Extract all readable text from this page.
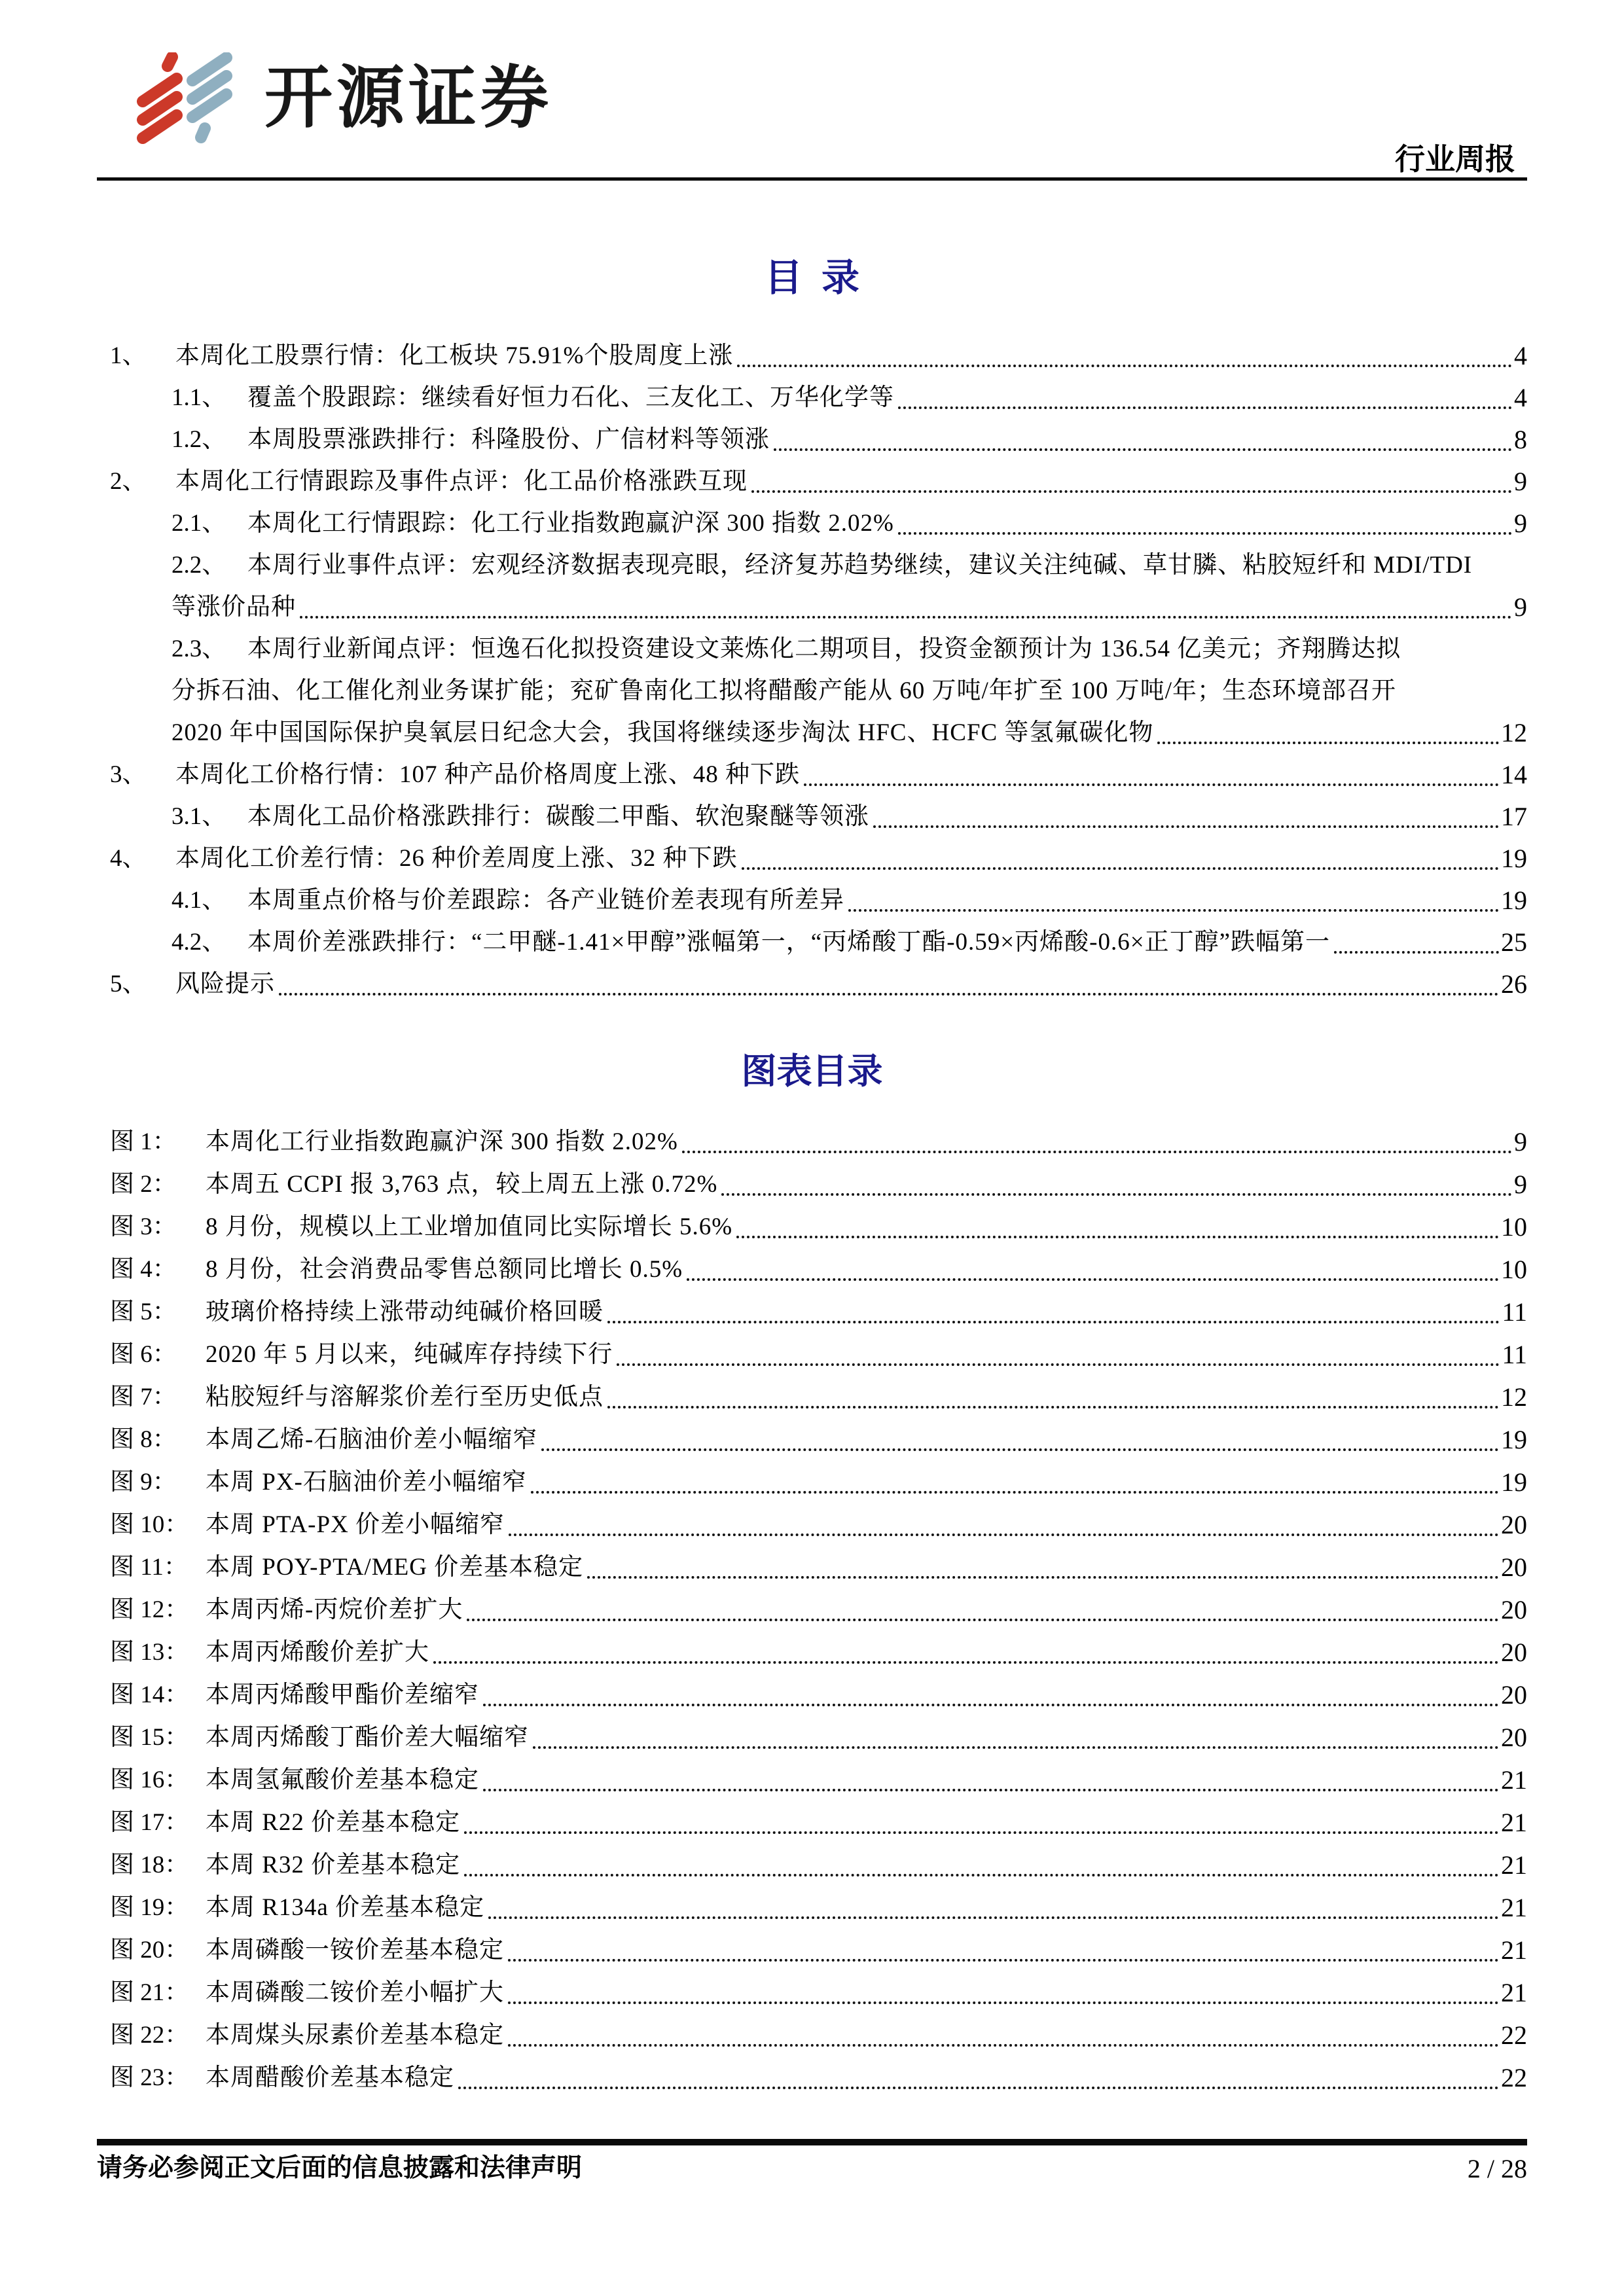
开源证券
行业周报
目  录
1、	本周化工股票行情：化工板块 75.91%个股周度上涨	4
1.1、 覆盖个股跟踪：继续看好恒力石化、三友化工、万华化学等	4
1.2、 本周股票涨跌排行：科隆股份、广信材料等领涨	8
2、	本周化工行情跟踪及事件点评：化工品价格涨跌互现	9
2.1、 本周化工行情跟踪：化工行业指数跑赢沪深 300 指数 2.02%	9
2.2、 本周行业事件点评：宏观经济数据表现亮眼，经济复苏趋势继续，建议关注纯碱、草甘膦、粘胶短纤和 MDI/TDI
等涨价品种	9
2.3、 本周行业新闻点评：恒逸石化拟投资建设文莱炼化二期项目，投资金额预计为 136.54 亿美元；齐翔腾达拟
分拆石油、化工催化剂业务谋扩能；兖矿鲁南化工拟将醋酸产能从 60 万吨/年扩至 100 万吨/年；生态环境部召开
2020 年中国国际保护臭氧层日纪念大会，我国将继续逐步淘汰 HFC、HCFC 等氢氟碳化物	12
3、	本周化工价格行情：107 种产品价格周度上涨、48 种下跌	14
3.1、 本周化工品价格涨跌排行：碳酸二甲酯、软泡聚醚等领涨	17
4、	本周化工价差行情：26 种价差周度上涨、32 种下跌	19
4.1、 本周重点价格与价差跟踪：各产业链价差表现有所差异	19
4.2、 本周价差涨跌排行：“二甲醚-1.41×甲醇”涨幅第一，“丙烯酸丁酯-0.59×丙烯酸-0.6×正丁醇”跌幅第一	25
5、	风险提示	26
图表目录
图 1：	本周化工行业指数跑赢沪深 300 指数 2.02%	9
图 2：	本周五 CCPI 报 3,763 点，较上周五上涨 0.72%	9
图 3：	8 月份，规模以上工业增加值同比实际增长 5.6%	10
图 4：	8 月份，社会消费品零售总额同比增长 0.5%	10
图 5：	玻璃价格持续上涨带动纯碱价格回暖	11
图 6：	2020 年 5 月以来，纯碱库存持续下行	11
图 7：	粘胶短纤与溶解浆价差行至历史低点	12
图 8：	本周乙烯-石脑油价差小幅缩窄	19
图 9：	本周 PX-石脑油价差小幅缩窄	19
图 10： 本周 PTA-PX 价差小幅缩窄	20
图 11： 本周 POY-PTA/MEG 价差基本稳定	20
图 12： 本周丙烯-丙烷价差扩大	20
图 13： 本周丙烯酸价差扩大	20
图 14： 本周丙烯酸甲酯价差缩窄	20
图 15： 本周丙烯酸丁酯价差大幅缩窄	20
图 16： 本周氢氟酸价差基本稳定	21
图 17： 本周 R22 价差基本稳定	21
图 18： 本周 R32 价差基本稳定	21
图 19： 本周 R134a 价差基本稳定	21
图 20： 本周磷酸一铵价差基本稳定	21
图 21： 本周磷酸二铵价差小幅扩大	21
图 22： 本周煤头尿素价差基本稳定	22
图 23： 本周醋酸价差基本稳定	22
请务必参阅正文后面的信息披露和法律声明	2 / 28
